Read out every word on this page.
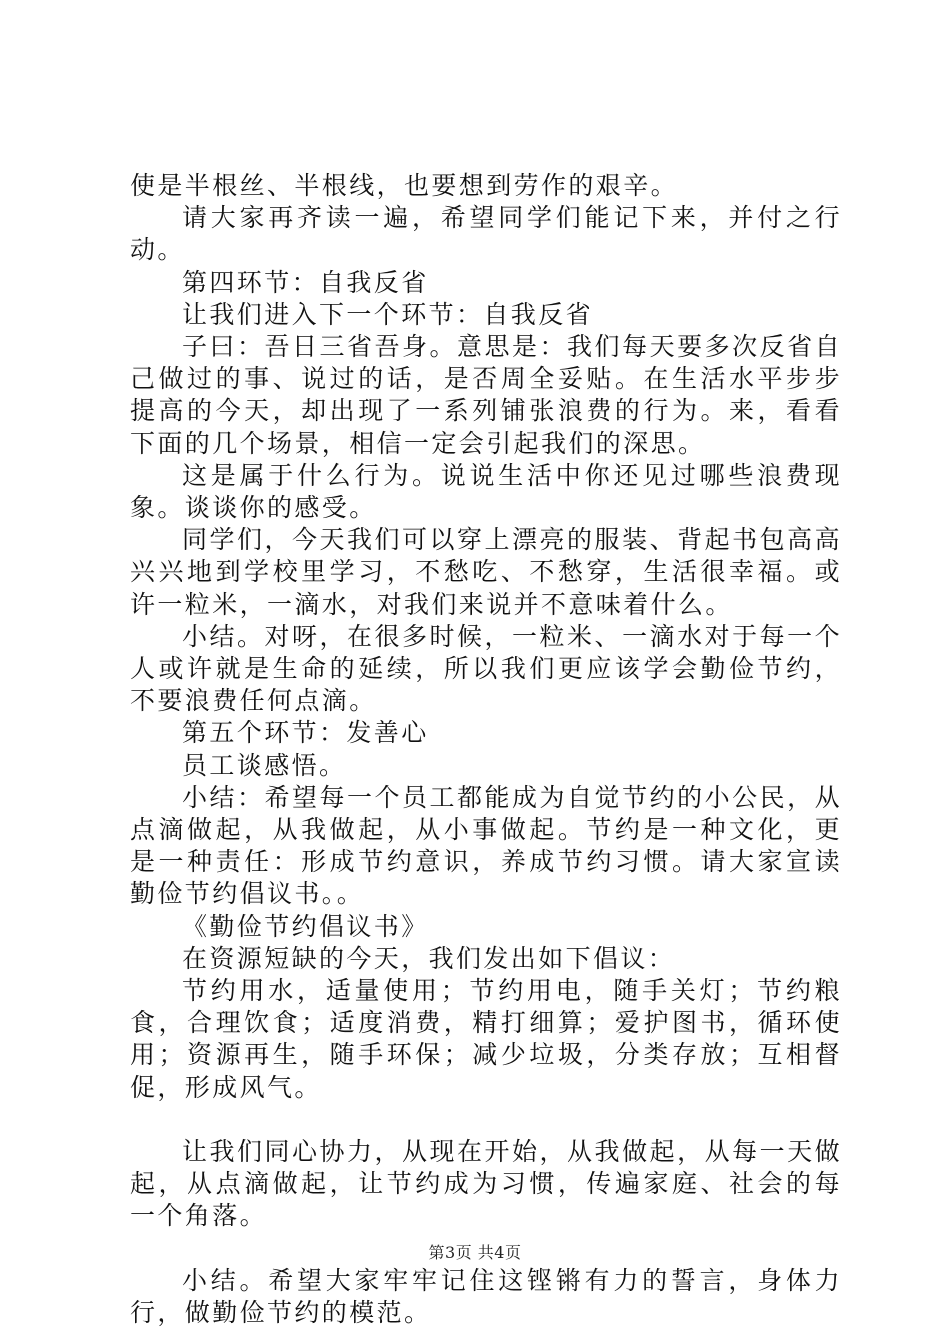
使是半根丝、半根线，也要想到劳作的艰辛。

请大家再齐读一遍，希望同学们能记下来，并付之行动。

第四环节：自我反省

让我们进入下一个环节：自我反省

子曰：吾日三省吾身。意思是：我们每天要多次反省自己做过的事、说过的话，是否周全妥贴。在生活水平步步提高的今天，却出现了一系列铺张浪费的行为。来，看看下面的几个场景，相信一定会引起我们的深思。

这是属于什么行为。说说生活中你还见过哪些浪费现象。谈谈你的感受。

同学们，今天我们可以穿上漂亮的服装、背起书包高高兴兴地到学校里学习，不愁吃、不愁穿，生活很幸福。或许一粒米，一滴水，对我们来说并不意味着什么。

小结。对呀，在很多时候，一粒米、一滴水对于每一个人或许就是生命的延续，所以我们更应该学会勤俭节约，不要浪费任何点滴。

第五个环节：发善心

员工谈感悟。

小结：希望每一个员工都能成为自觉节约的小公民，从点滴做起，从我做起，从小事做起。节约是一种文化，更是一种责任：形成节约意识，养成节约习惯。请大家宣读勤俭节约倡议书。。

《勤俭节约倡议书》

在资源短缺的今天，我们发出如下倡议：

节约用水，适量使用；节约用电，随手关灯；节约粮食，合理饮食；适度消费，精打细算；爱护图书，循环使用；资源再生，随手环保；减少垃圾，分类存放；互相督促，形成风气。

让我们同心协力，从现在开始，从我做起，从每一天做起，从点滴做起，让节约成为习惯，传遍家庭、社会的每一个角落。

小结。希望大家牢牢记住这铿锵有力的誓言，身体力行，做勤俭节约的模范。

第3页 共4页
